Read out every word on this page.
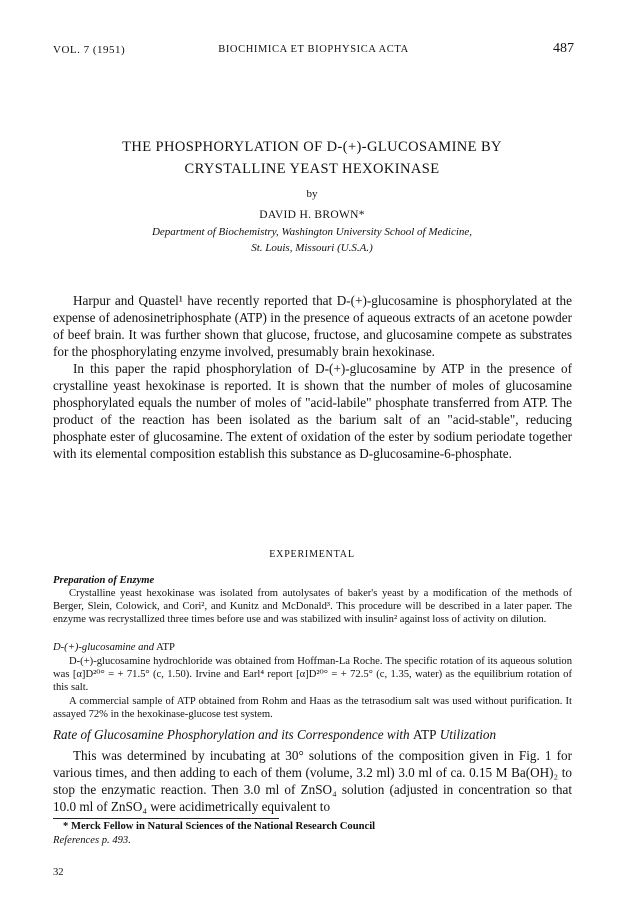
VOL. 7 (1951)	BIOCHIMICA ET BIOPHYSICA ACTA	487
THE PHOSPHORYLATION OF D-(+)-GLUCOSAMINE BY
CRYSTALLINE YEAST HEXOKINASE
by
DAVID H. BROWN*
Department of Biochemistry, Washington University School of Medicine,
St. Louis, Missouri (U.S.A.)
Harpur and Quastel¹ have recently reported that D-(+)-glucosamine is phosphorylated at the expense of adenosinetriphosphate (ATP) in the presence of aqueous extracts of an acetone powder of beef brain. It was further shown that glucose, fructose, and glucosamine compete as substrates for the phosphorylating enzyme involved, presumably brain hexokinase.
In this paper the rapid phosphorylation of D-(+)-glucosamine by ATP in the presence of crystalline yeast hexokinase is reported. It is shown that the number of moles of glucosamine phosphorylated equals the number of moles of "acid-labile" phosphate transferred from ATP. The product of the reaction has been isolated as the barium salt of an "acid-stable", reducing phosphate ester of glucosamine. The extent of oxidation of the ester by sodium periodate together with its elemental composition establish this substance as D-glucosamine-6-phosphate.
EXPERIMENTAL
Preparation of Enzyme

Crystalline yeast hexokinase was isolated from autolysates of baker's yeast by a modification of the methods of Berger, Slein, Colowick, and Cori², and Kunitz and McDonald³. This procedure will be described in a later paper. The enzyme was recrystallized three times before use and was stabilized with insulin² against loss of activity on dilution.

D-(+)-glucosamine and ATP

D-(+)-glucosamine hydrochloride was obtained from Hoffman-La Roche. The specific rotation of its aqueous solution was [α]D²⁰° = + 71.5° (c, 1.50). Irvine and Earl⁴ report [α]D²⁰° = + 72.5° (c, 1.35, water) as the equilibrium rotation of this salt.

A commercial sample of ATP obtained from Rohm and Haas as the tetrasodium salt was used without purification. It assayed 72% in the hexokinase-glucose test system.

Rate of Glucosamine Phosphorylation and its Correspondence with ATP Utilization
This was determined by incubating at 30° solutions of the composition given in Fig. 1 for various times, and then adding to each of them (volume, 3.2 ml) 3.0 ml of ca. 0.15 M Ba(OH)₂ to stop the enzymatic reaction. Then 3.0 ml of ZnSO₄ solution (adjusted in concentration so that 10.0 ml of ZnSO₄ were acidimetrically equivalent to
* Merck Fellow in Natural Sciences of the National Research Council
References p. 493.
32
